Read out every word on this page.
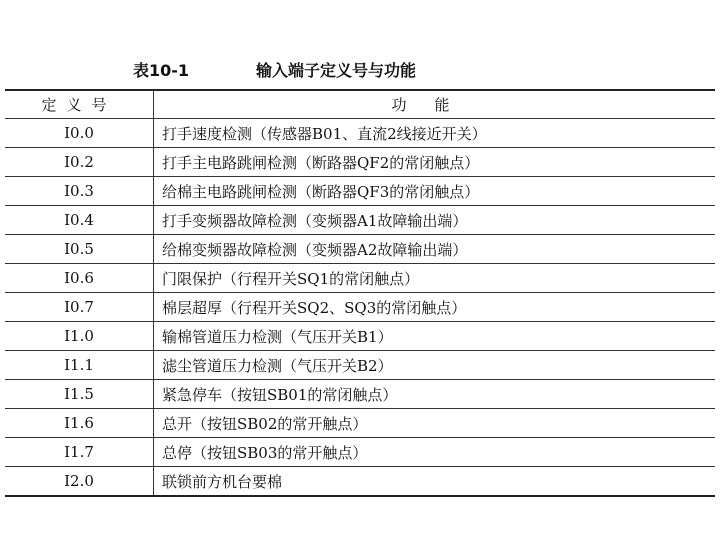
表10-1	输入端子定义号与功能
定义号	功能
I0.0	打手速度检测（传感器B01、直流2线接近开关）
I0.2	打手主电路跳闸检测（断路器QF2的常闭触点）
I0.3	给棉主电路跳闸检测（断路器QF3的常闭触点）
I0.4	打手变频器故障检测（变频器A1故障输出端）
I0.5	给棉变频器故障检测（变频器A2故障输出端）
I0.6	门限保护（行程开关SQ1的常闭触点）
I0.7	棉层超厚（行程开关SQ2、SQ3的常闭触点）
I1.0	输棉管道压力检测（气压开关B1）
I1.1	滤尘管道压力检测（气压开关B2）
I1.5	紧急停车（按钮SB01的常闭触点）
I1.6	总开（按钮SB02的常开触点）
I1.7	总停（按钮SB03的常开触点）
I2.0	联锁前方机台要棉
